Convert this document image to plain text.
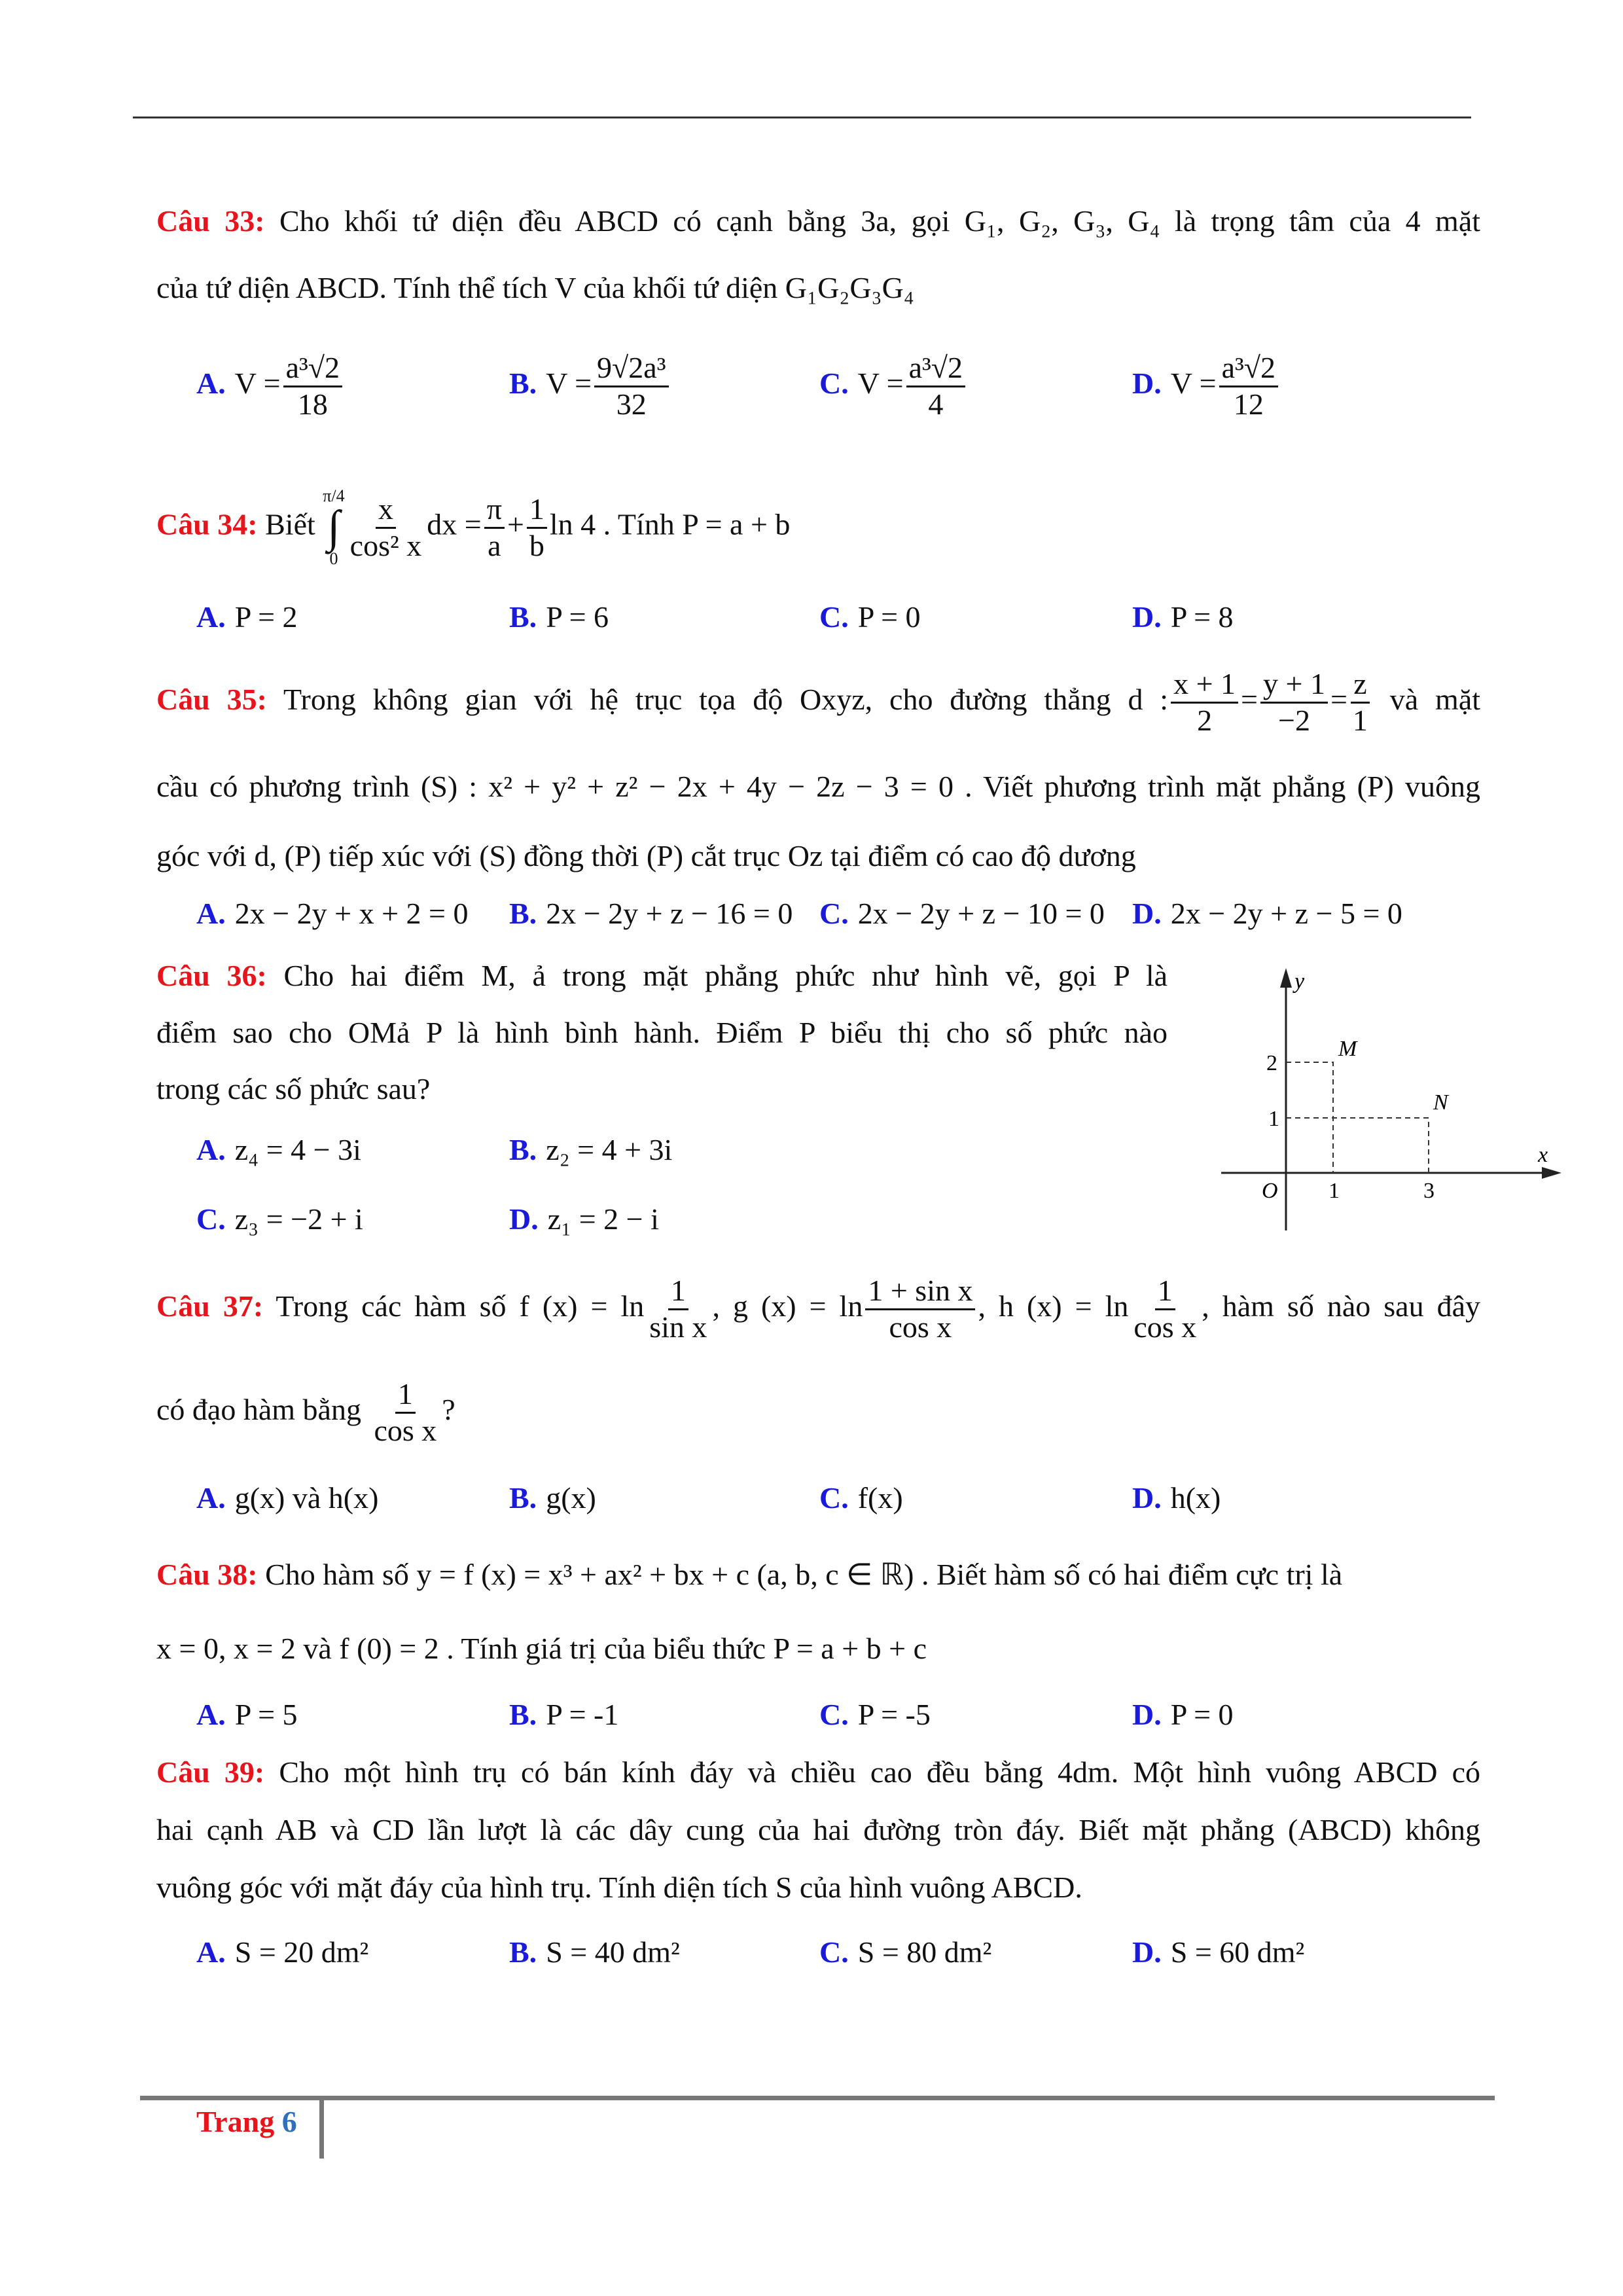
Câu 33: Cho khối tứ diện đều ABCD có cạnh bằng 3a, gọi G₁, G₂, G₃, G₄ là trọng tâm của 4 mặt
của tứ diện ABCD. Tính thể tích V của khối tứ diện G₁G₂G₃G₄
A. $V = \frac{\text{a³√2}}{18}$	B. $V = \frac{\text{9√2a³}}{32}$	C. $V = \frac{\text{a³√2}}{4}$	D. $V = \frac{\text{a³√2}}{12}$
Câu 34: Biết
π/4
∫
$0 \frac{x}{\text{cos² x}}$ dx = $\frac{\pi}{a} + \frac{1}{b}$ ln 4 . Tính P = a + b
A. P = 2	B. P = 6	C. P = 0	D. P = 8
Câu 35: Trong không gian với hệ trục tọa độ Oxyz, cho đường thẳng d : $\frac{x + 1}{2} = \frac{y + 1}{-2} = \frac{z}{1}$ và mặt
cầu có phương trình (S) : x² + y² + z² − 2x + 4y − 2z − 3 = 0 . Viết phương trình mặt phẳng (P) vuông
góc với d, (P) tiếp xúc với (S) đồng thời (P) cắt trục Oz tại điểm có cao độ dương
A. 2x − 2y + x + 2 = 0 B. 2x − 2y + z − 16 = 0 C. 2x − 2y + z − 10 = 0 D. 2x − 2y + z − 5 = 0
Câu 36: Cho hai điểm M, ả trong mặt phẳng phức như hình vẽ, gọi P là
điểm sao cho OMả P là hình bình hành. Điểm P biểu thị cho số phức nào
trong các số phức sau?
A. z₄ = 4 − 3i	B. z₂ = 4 + 3i
C. z₃ = −2 + i	D. z₁ = 2 − i
y
x
O 1	3
1
2
M
N
Câu 37: Trong các hàm số f $(x) = \ln \frac{1}{\text{sin x}}$ , g $(x) = \ln \frac{\text{1 + sin x}}{\text{cos x}}$ , h $(x) = \ln \frac{1}{\text{cos x}}$ , hàm số nào sau đây
có đạo hàm bằng $\frac{1}{\text{cos x}}$ ?
A. g(x) và h(x)	B. g(x)	C. f(x)	D. h(x)
Câu 38: Cho hàm số y = f (x) = x³ + ax² + bx + c (a, b, c ∈ ℝ) . Biết hàm số có hai điểm cực trị là
x = 0, x = 2 và f (0) = 2 . Tính giá trị của biểu thức P = a + b + c
A. P = 5	B. P = -1	C. P = -5	D. P = 0
Câu 39: Cho một hình trụ có bán kính đáy và chiều cao đều bằng 4dm. Một hình vuông ABCD có
hai cạnh AB và CD lần lượt là các dây cung của hai đường tròn đáy. Biết mặt phẳng (ABCD) không
vuông góc với mặt đáy của hình trụ. Tính diện tích S của hình vuông ABCD.
A. S = 20 dm²	B. S = 40 dm²	C. S = 80 dm²	D. S = 60 dm²
Trang 6
